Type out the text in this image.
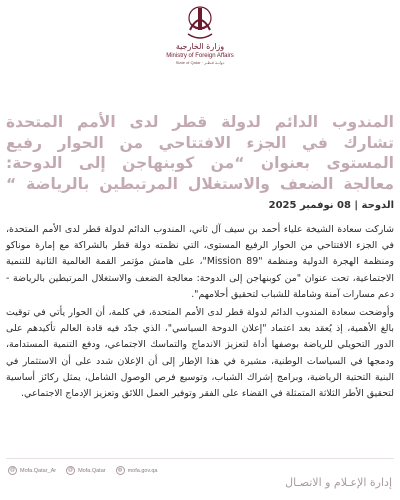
وزارة الخارجية
Ministry of Foreign Affairs
State of Qatar · دولــة قـطـر
المندوب الدائم لدولة قطر لدى الأمم المتحدة
تشارك في الجزء الافتتاحي من الحوار رفيع
المستوى بعنوان “من كوبنهاجن إلى الدوحة:
معالجة الضعف والاستغلال المرتبطين بالرياضة “
الدوحة | 08 نوفمبر 2025

شاركت سعادة الشيخة علياء أحمد بن سيف آل ثاني، المندوب الدائم لدولة قطر لدى الأمم المتحدة، في الجزء الافتتاحي من الحوار الرفيع المستوى، التي نظمته دولة قطر بالشراكة مع إمارة موناكو ومنظمة الهجرة الدولية ومنظمة "Mission 89"، على هامش مؤتمر القمة العالمية الثانية للتنمية الاجتماعية، تحت عنوان "من كوبنهاجن إلى الدوحة: معالجة الضعف والاستغلال المرتبطين بالرياضة - دعم مسارات آمنة وشاملة للشباب لتحقيق أحلامهم".

وأوضحت سعادة المندوب الدائم لدولة قطر لدى الأمم المتحدة، في كلمة، أن الحوار يأتي في توقيت بالغ الأهمية، إذ يُعقد بعد اعتماد "إعلان الدوحة السياسي"، الذي جدّد فيه قادة العالم تأكيدهم على الدور التحويلي للرياضة بوصفها أداة لتعزيز الاندماج والتماسك الاجتماعي، ودفع التنمية المستدامة، ودمجها في السياسات الوطنية، مشيرة في هذا الإطار إلى أن الإعلان شدد على أن الاستثمار في البنية التحتية الرياضية، وبرامج إشراك الشباب، وتوسيع فرص الوصول الشامل، يمثل ركائز أساسية لتحقيق الأطر الثلاثة المتمثلة في القضاء على الفقر وتوفير العمل اللائق وتعزيز الإدماج الاجتماعي.

@ Mofa.Qatar_Ar	@ Mofa.Qatar	◍ mofa.gov.qa
إدارة الإعـلام و الاتصـال
